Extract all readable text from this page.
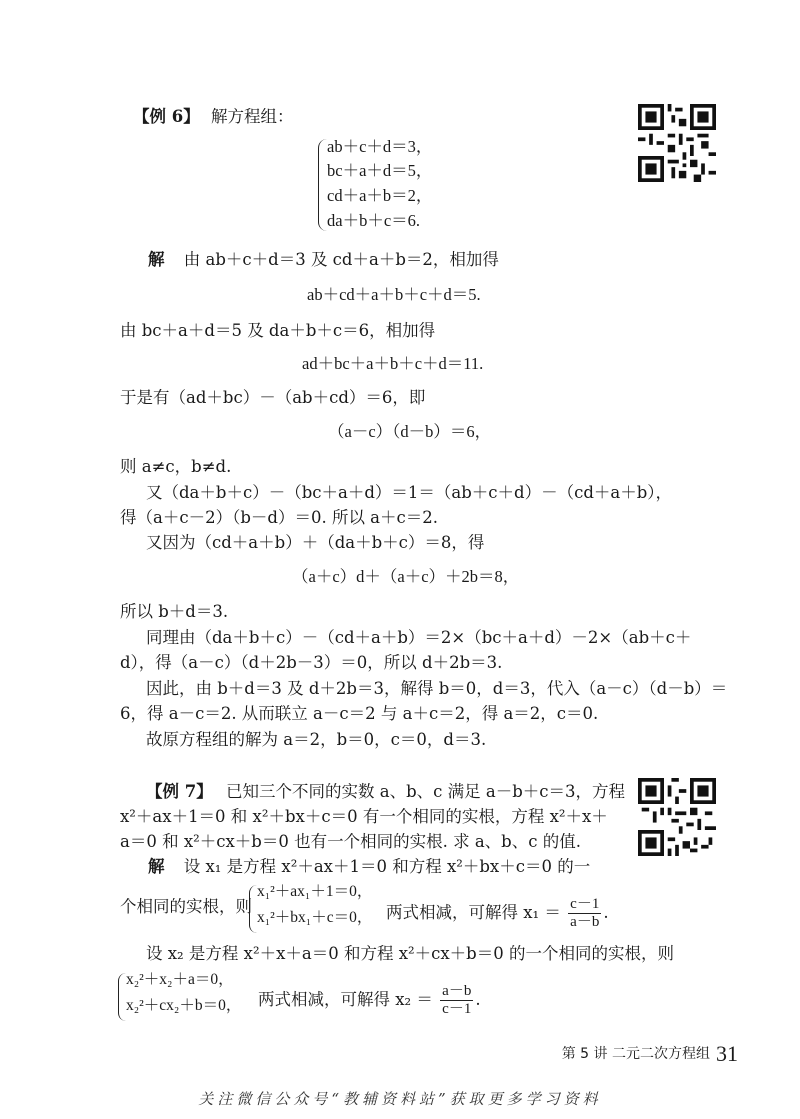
【例 6】 解方程组：
ab＋c＋d＝3，
bc＋a＋d＝5，
cd＋a＋b＝2，
da＋b＋c＝6.
解 由 ab＋c＋d＝3 及 cd＋a＋b＝2，相加得
ab＋cd＋a＋b＋c＋d＝5.
由 bc＋a＋d＝5 及 da＋b＋c＝6，相加得
ad＋bc＋a＋b＋c＋d＝11.
于是有（ad＋bc）－（ab＋cd）＝6，即
（a－c）（d－b）＝6，
则 a≠c，b≠d.
又（da＋b＋c）－（bc＋a＋d）＝1＝（ab＋c＋d）－（cd＋a＋b），
得（a＋c－2）（b－d）＝0. 所以 a＋c＝2.
又因为（cd＋a＋b）＋（da＋b＋c）＝8，得
（a＋c）d＋（a＋c）＋2b＝8，
所以 b＋d＝3.
同理由（da＋b＋c）－（cd＋a＋b）＝2×（bc＋a＋d）－2×（ab＋c＋
d），得（a－c）（d＋2b－3）＝0，所以 d＋2b＝3.
因此，由 b＋d＝3 及 d＋2b＝3，解得 b＝0，d＝3，代入（a－c）（d－b）＝
6，得 a－c＝2. 从而联立 a－c＝2 与 a＋c＝2，得 a＝2，c＝0.
故原方程组的解为 a＝2，b＝0，c＝0，d＝3.
【例 7】 已知三个不同的实数 a、b、c 满足 a－b＋c＝3，方程
x²＋ax＋1＝0 和 x²＋bx＋c＝0 有一个相同的实根，方程 x²＋x＋
a＝0 和 x²＋cx＋b＝0 也有一个相同的实根. 求 a、b、c 的值.
解 设 x₁ 是方程 x²＋ax＋1＝0 和方程 x²＋bx＋c＝0 的一
个相同的实根，则
x₁²＋ax₁＋1＝0，
x₁²＋bx₁＋c＝0， 两式相减，可解得 $x_1 = \frac{c-1}{a-b}$ .
设 x₂ 是方程 x²＋x＋a＝0 和方程 x²＋cx＋b＝0 的一个相同的实根，则
x₂²＋x₂＋a＝0，
x₂²＋cx₂＋b＝0， 两式相减，可解得 $x_2 = \frac{a-b}{c-1}$ .
第 5 讲 二元二次方程组 31
关注微信公众号“教辅资料站”获取更多学习资料
